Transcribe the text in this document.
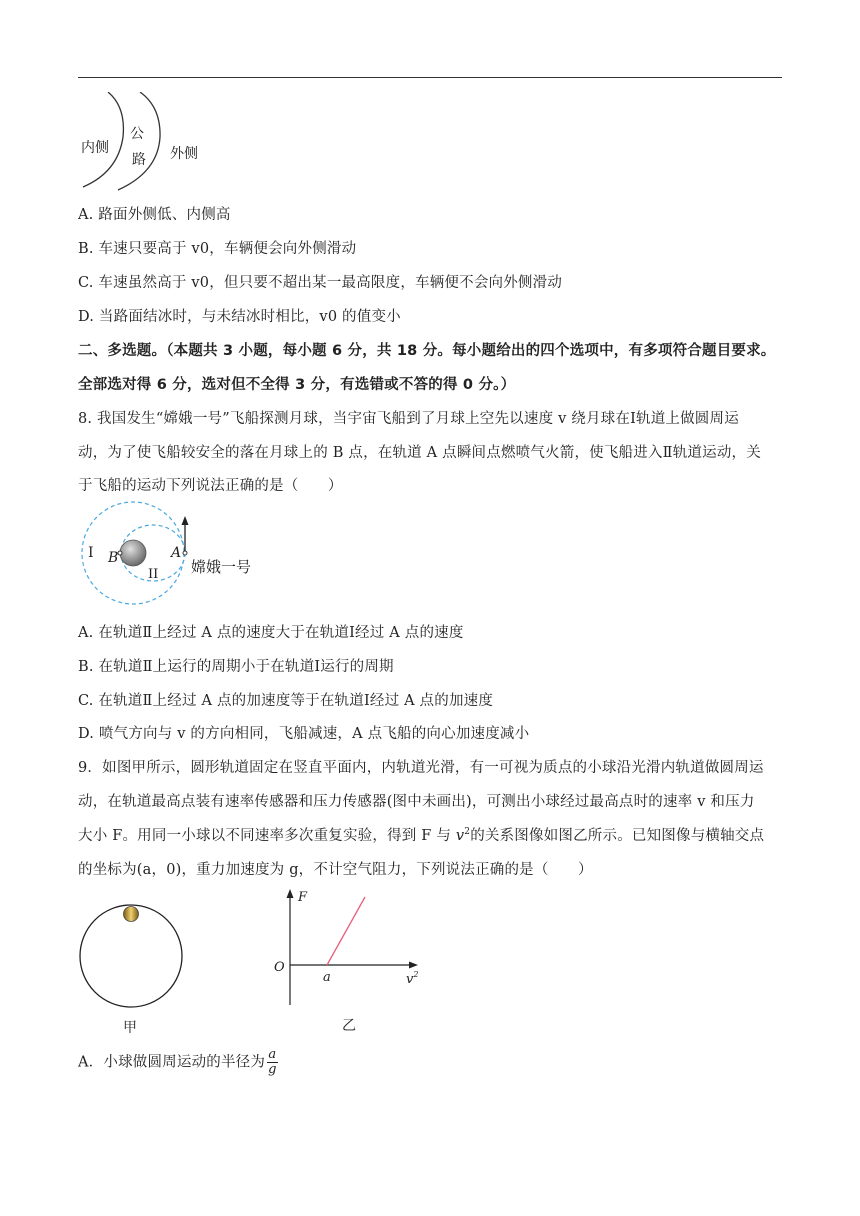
内侧
公
路 外侧
A. 路面外侧低、内侧高
B. 车速只要高于 v0，车辆便会向外侧滑动
C. 车速虽然高于 v0，但只要不超出某一最高限度，车辆便不会向外侧滑动
D. 当路面结冰时，与未结冰时相比，v0 的值变小
二、多选题。（本题共 3 小题，每小题 6 分，共 18 分。每小题给出的四个选项中，有多项符合题目要求。
全部选对得 6 分，选对但不全得 3 分，有选错或不答的得 0 分。）
8. 我国发生“嫦娥一号”飞船探测月球，当宇宙飞船到了月球上空先以速度 v 绕月球在Ⅰ轨道上做圆周运
动，为了使飞船较安全的落在月球上的 B 点，在轨道 A 点瞬间点燃喷气火箭，使飞船进入Ⅱ轨道运动，关
于飞船的运动下列说法正确的是（　　）
I B
II
A
嫦娥一号
A. 在轨道Ⅱ上经过 A 点的速度大于在轨道Ⅰ经过 A 点的速度
B. 在轨道Ⅱ上运行的周期小于在轨道Ⅰ运行的周期
C. 在轨道Ⅱ上经过 A 点的加速度等于在轨道Ⅰ经过 A 点的加速度
D. 喷气方向与 v 的方向相同，飞船减速，A 点飞船的向心加速度减小
9．如图甲所示，圆形轨道固定在竖直平面内，内轨道光滑，有一可视为质点的小球沿光滑内轨道做圆周运
动，在轨道最高点装有速率传感器和压力传感器(图中未画出)，可测出小球经过最高点时的速率 v 和压力
大小 F。用同一小球以不同速率多次重复实验，得到 F 与 $v^2$的关系图像如图乙所示。已知图像与横轴交点
的坐标为(a，0)，重力加速度为 g，不计空气阻力，下列说法正确的是（　　）
甲
F
O
a	$v^2$
乙
A．小球做圆周运动的半径为 $\frac{a}{g}$
